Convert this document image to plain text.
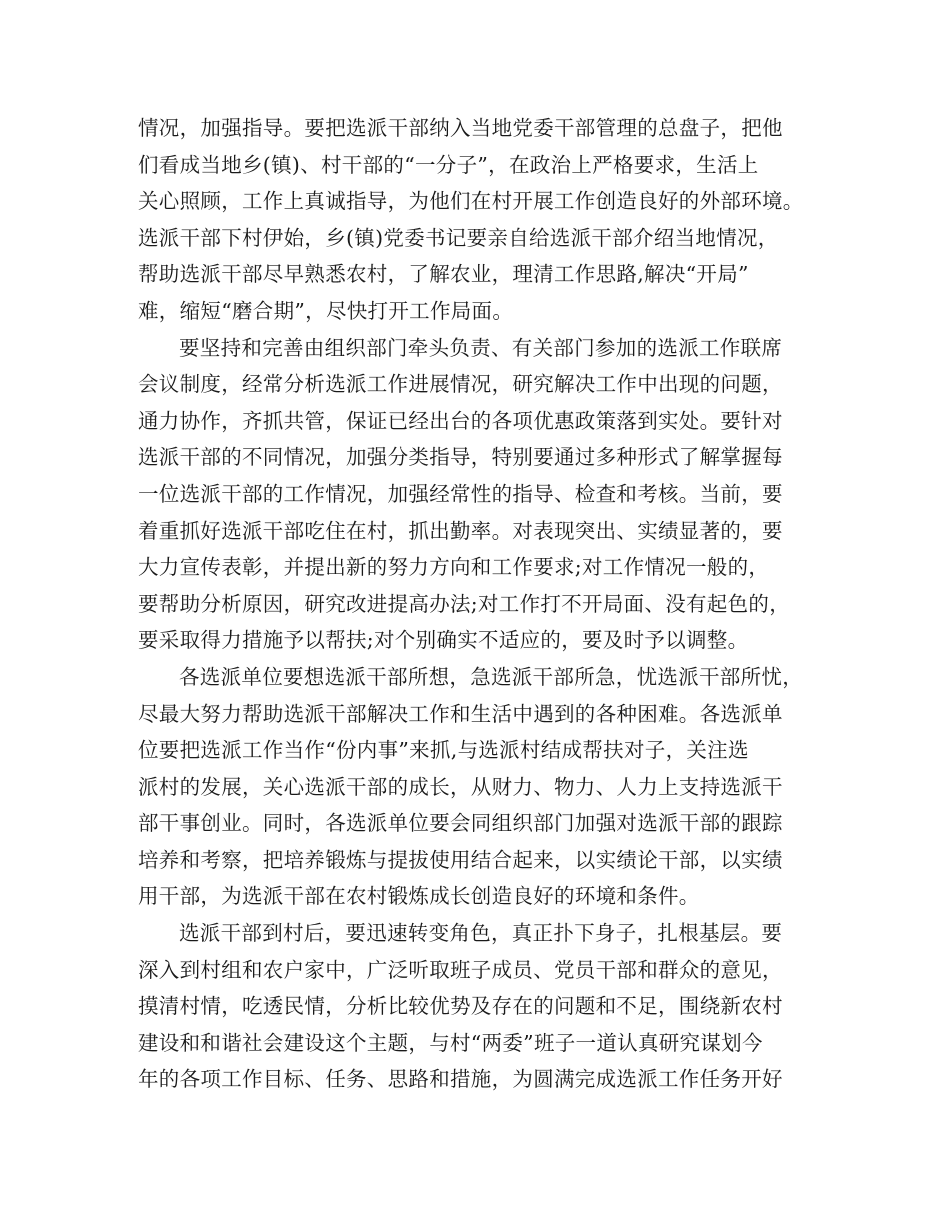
情况，加强指导。要把选派干部纳入当地党委干部管理的总盘子，把他
们看成当地乡(镇)、村干部的“一分子”，在政治上严格要求，生活上
关心照顾，工作上真诚指导，为他们在村开展工作创造良好的外部环境。
选派干部下村伊始，乡(镇)党委书记要亲自给选派干部介绍当地情况，
帮助选派干部尽早熟悉农村，了解农业，理清工作思路,解决“开局”
难，缩短“磨合期”，尽快打开工作局面。
要坚持和完善由组织部门牵头负责、有关部门参加的选派工作联席
会议制度，经常分析选派工作进展情况，研究解决工作中出现的问题，
通力协作，齐抓共管，保证已经出台的各项优惠政策落到实处。要针对
选派干部的不同情况，加强分类指导，特别要通过多种形式了解掌握每
一位选派干部的工作情况，加强经常性的指导、检查和考核。当前，要
着重抓好选派干部吃住在村，抓出勤率。对表现突出、实绩显著的，要
大力宣传表彰，并提出新的努力方向和工作要求;对工作情况一般的，
要帮助分析原因，研究改进提高办法;对工作打不开局面、没有起色的，
要采取得力措施予以帮扶;对个别确实不适应的，要及时予以调整。
各选派单位要想选派干部所想，急选派干部所急，忧选派干部所忧，
尽最大努力帮助选派干部解决工作和生活中遇到的各种困难。各选派单
位要把选派工作当作“份内事”来抓,与选派村结成帮扶对子，关注选
派村的发展，关心选派干部的成长，从财力、物力、人力上支持选派干
部干事创业。同时，各选派单位要会同组织部门加强对选派干部的跟踪
培养和考察，把培养锻炼与提拔使用结合起来，以实绩论干部，以实绩
用干部，为选派干部在农村锻炼成长创造良好的环境和条件。
选派干部到村后，要迅速转变角色，真正扑下身子，扎根基层。要
深入到村组和农户家中，广泛听取班子成员、党员干部和群众的意见，
摸清村情，吃透民情，分析比较优势及存在的问题和不足，围绕新农村
建设和和谐社会建设这个主题，与村“两委”班子一道认真研究谋划今
年的各项工作目标、任务、思路和措施，为圆满完成选派工作任务开好
